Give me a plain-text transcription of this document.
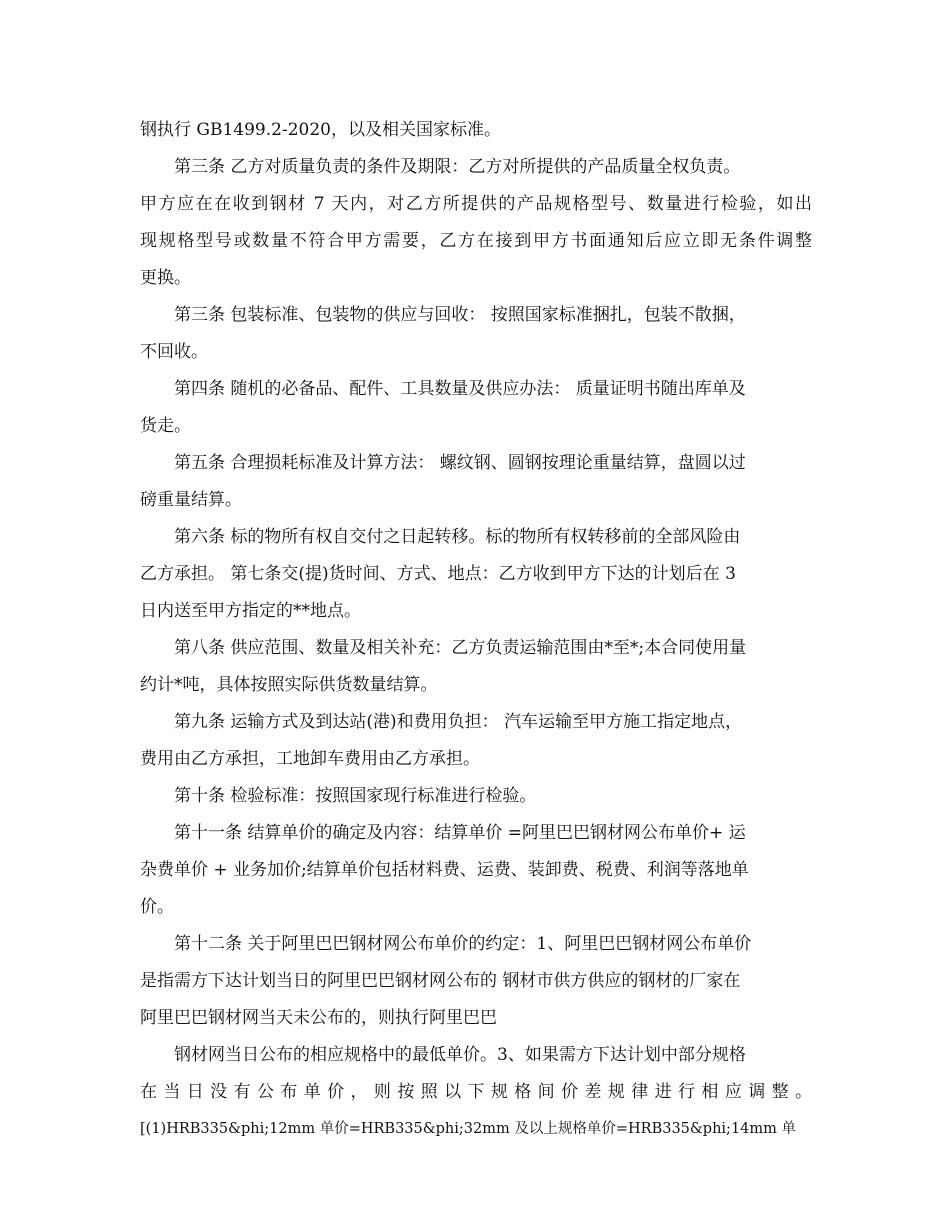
钢执行 GB1499.2-2020，以及相关国家标准。
第三条 乙方对质量负责的条件及期限：乙方对所提供的产品质量全权负责。
甲方应在在收到钢材 7 天内，对乙方所提供的产品规格型号、数量进行检验，如出
现规格型号或数量不符合甲方需要，乙方在接到甲方书面通知后应立即无条件调整
更换。
第三条 包装标准、包装物的供应与回收： 按照国家标准捆扎，包装不散捆，
不回收。
第四条 随机的必备品、配件、工具数量及供应办法： 质量证明书随出库单及
货走。
第五条 合理损耗标准及计算方法： 螺纹钢、圆钢按理论重量结算，盘圆以过
磅重量结算。
第六条 标的物所有权自交付之日起转移。标的物所有权转移前的全部风险由
乙方承担。 第七条交(提)货时间、方式、地点：乙方收到甲方下达的计划后在 3
日内送至甲方指定的**地点。
第八条 供应范围、数量及相关补充：乙方负责运输范围由*至*;本合同使用量
约计*吨，具体按照实际供货数量结算。
第九条 运输方式及到达站(港)和费用负担： 汽车运输至甲方施工指定地点，
费用由乙方承担，工地卸车费用由乙方承担。
第十条 检验标准：按照国家现行标准进行检验。
第十一条 结算单价的确定及内容：结算单价 =阿里巴巴钢材网公布单价+ 运
杂费单价 + 业务加价;结算单价包括材料费、运费、装卸费、税费、利润等落地单
价。
第十二条 关于阿里巴巴钢材网公布单价的约定：1、阿里巴巴钢材网公布单价
是指需方下达计划当日的阿里巴巴钢材网公布的 钢材市供方供应的钢材的厂家在
阿里巴巴钢材网当天未公布的，则执行阿里巴巴
钢材网当日公布的相应规格中的最低单价。3、如果需方下达计划中部分规格
在当日没有公布单价，则按照以下规格间价差规律进行相应调整。
[(1)HRB335&phi;12mm 单价=HRB335&phi;32mm 及以上规格单价=HRB335&phi;14mm 单
